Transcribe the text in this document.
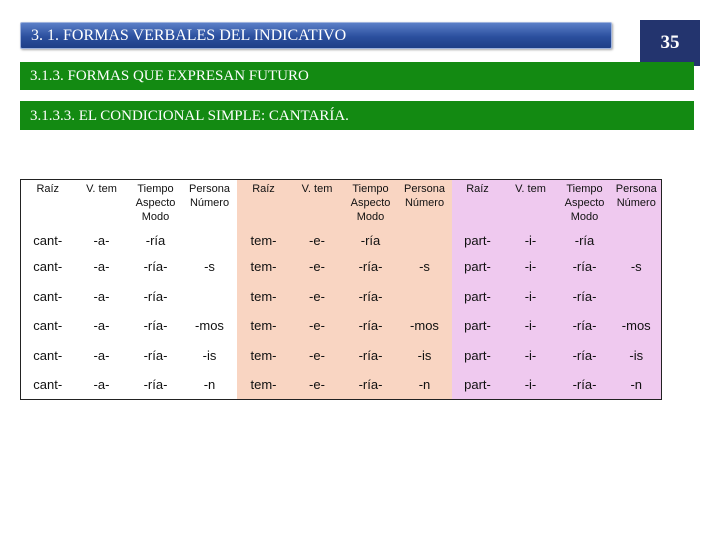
3. 1. FORMAS VERBALES DEL INDICATIVO	35
3.1.3. FORMAS QUE EXPRESAN FUTURO
3.1.3.3. EL CONDICIONAL SIMPLE: CANTARÍA.
Raíz	V. tem	Tiempo Aspecto Modo	Persona Número	Raíz	V. tem	Tiempo Aspecto Modo	Persona Número	Raíz	V. tem	Tiempo Aspecto Modo	Persona Número
cant-	-a-	-ría		tem-	-e-	-ría		part-	-i-	-ría	
cant-	-a-	-ría-	-s	tem-	-e-	-ría-	-s	part-	-i-	-ría-	-s
cant-	-a-	-ría-		tem-	-e-	-ría-		part-	-i-	-ría-	
cant-	-a-	-ría-	-mos	tem-	-e-	-ría-	-mos	part-	-i-	-ría-	-mos
cant-	-a-	-ría-	-is	tem-	-e-	-ría-	-is	part-	-i-	-ría-	-is
cant-	-a-	-ría-	-n	tem-	-e-	-ría-	-n	part-	-i-	-ría-	-n
